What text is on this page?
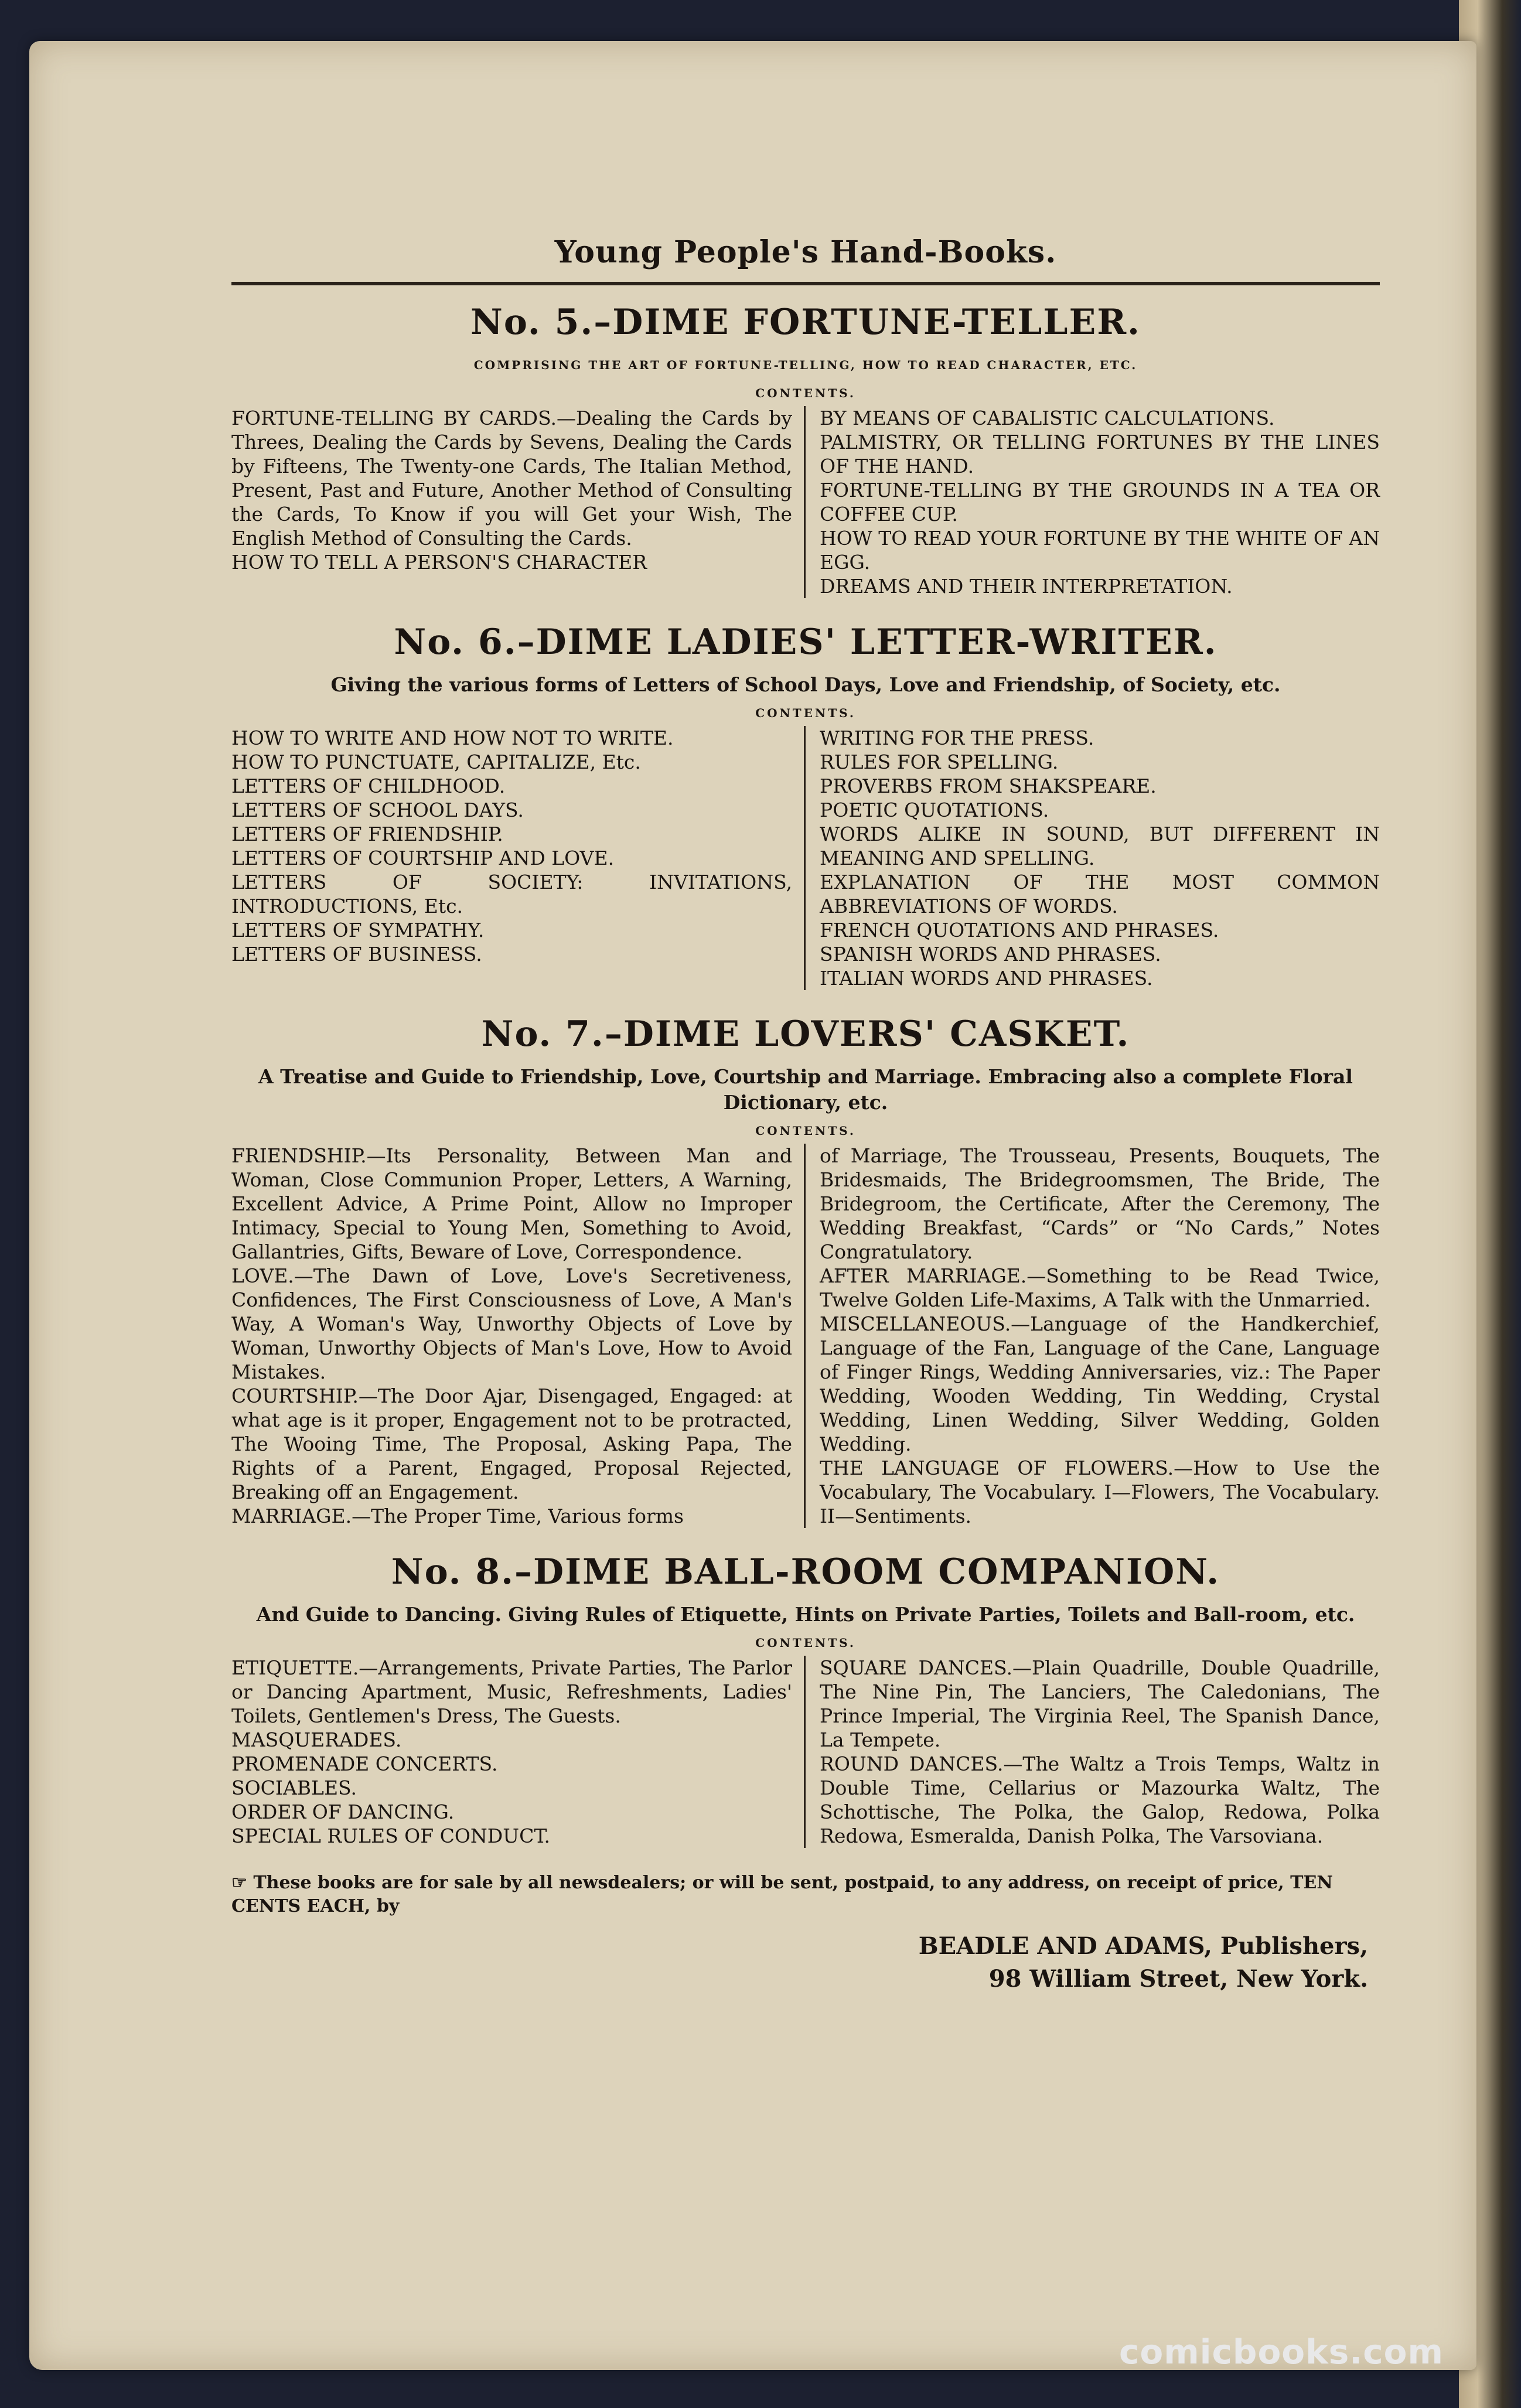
Young People's Hand-Books.
No. 5.–DIME FORTUNE-TELLER.
COMPRISING THE ART OF FORTUNE-TELLING, HOW TO READ CHARACTER, ETC.
CONTENTS.

FORTUNE-TELLING BY CARDS.—Dealing the Cards by Threes, Dealing the Cards by Sevens, Dealing the Cards by Fifteens, The Twenty-one Cards, The Italian Method, Present, Past and Future, Another Method of Consulting the Cards, To Know if you will Get your Wish, The English Method of Consulting the Cards.

HOW TO TELL A PERSON'S CHARACTER

BY MEANS OF CABALISTIC CALCULATIONS.

PALMISTRY, OR TELLING FORTUNES BY THE LINES OF THE HAND.

FORTUNE-TELLING BY THE GROUNDS IN A TEA OR COFFEE CUP.

HOW TO READ YOUR FORTUNE BY THE WHITE OF AN EGG.

DREAMS AND THEIR INTERPRETATION.

No. 6.–DIME LADIES' LETTER-WRITER.
Giving the various forms of Letters of School Days, Love and Friendship, of Society, etc.
CONTENTS.

HOW TO WRITE AND HOW NOT TO WRITE.

HOW TO PUNCTUATE, CAPITALIZE, Etc.

LETTERS OF CHILDHOOD.

LETTERS OF SCHOOL DAYS.

LETTERS OF FRIENDSHIP.

LETTERS OF COURTSHIP AND LOVE.

LETTERS OF SOCIETY: INVITATIONS, INTRODUCTIONS, Etc.

LETTERS OF SYMPATHY.

LETTERS OF BUSINESS.

WRITING FOR THE PRESS.

RULES FOR SPELLING.

PROVERBS FROM SHAKSPEARE.

POETIC QUOTATIONS.

WORDS ALIKE IN SOUND, BUT DIFFERENT IN MEANING AND SPELLING.

EXPLANATION OF THE MOST COMMON ABBREVIATIONS OF WORDS.

FRENCH QUOTATIONS AND PHRASES.

SPANISH WORDS AND PHRASES.

ITALIAN WORDS AND PHRASES.

No. 7.–DIME LOVERS' CASKET.
A Treatise and Guide to Friendship, Love, Courtship and Marriage. Embracing also a complete Floral Dictionary, etc.
CONTENTS.

FRIENDSHIP.—Its Personality, Between Man and Woman, Close Communion Proper, Letters, A Warning, Excellent Advice, A Prime Point, Allow no Improper Intimacy, Special to Young Men, Something to Avoid, Gallantries, Gifts, Beware of Love, Correspondence.

LOVE.—The Dawn of Love, Love's Secretiveness, Confidences, The First Consciousness of Love, A Man's Way, A Woman's Way, Unworthy Objects of Love by Woman, Unworthy Objects of Man's Love, How to Avoid Mistakes.

COURTSHIP.—The Door Ajar, Disengaged, Engaged: at what age is it proper, Engagement not to be protracted, The Wooing Time, The Proposal, Asking Papa, The Rights of a Parent, Engaged, Proposal Rejected, Breaking off an Engagement.

MARRIAGE.—The Proper Time, Various forms

of Marriage, The Trousseau, Presents, Bouquets, The Bridesmaids, The Bridegroomsmen, The Bride, The Bridegroom, the Certificate, After the Ceremony, The Wedding Breakfast, “Cards” or “No Cards,” Notes Congratulatory.

AFTER MARRIAGE.—Something to be Read Twice, Twelve Golden Life-Maxims, A Talk with the Unmarried.

MISCELLANEOUS.—Language of the Handkerchief, Language of the Fan, Language of the Cane, Language of Finger Rings, Wedding Anniversaries, viz.: The Paper Wedding, Wooden Wedding, Tin Wedding, Crystal Wedding, Linen Wedding, Silver Wedding, Golden Wedding.

THE LANGUAGE OF FLOWERS.—How to Use the Vocabulary, The Vocabulary. I—Flowers, The Vocabulary. II—Sentiments.

No. 8.–DIME BALL-ROOM COMPANION.
And Guide to Dancing. Giving Rules of Etiquette, Hints on Private Parties, Toilets and Ball-room, etc.
CONTENTS.

ETIQUETTE.—Arrangements, Private Parties, The Parlor or Dancing Apartment, Music, Refreshments, Ladies' Toilets, Gentlemen's Dress, The Guests.

MASQUERADES.

PROMENADE CONCERTS.

SOCIABLES.

ORDER OF DANCING.

SPECIAL RULES OF CONDUCT.

SQUARE DANCES.—Plain Quadrille, Double Quadrille, The Nine Pin, The Lanciers, The Caledonians, The Prince Imperial, The Virginia Reel, The Spanish Dance, La Tempete.

ROUND DANCES.—The Waltz a Trois Temps, Waltz in Double Time, Cellarius or Mazourka Waltz, The Schottische, The Polka, the Galop, Redowa, Polka Redowa, Esmeralda, Danish Polka, The Varsoviana.

☞ These books are for sale by all newsdealers; or will be sent, postpaid, to any address, on receipt of price, TEN CENTS EACH, by
BEADLE AND ADAMS, Publishers,
98 William Street, New York.
comicbooks.com
